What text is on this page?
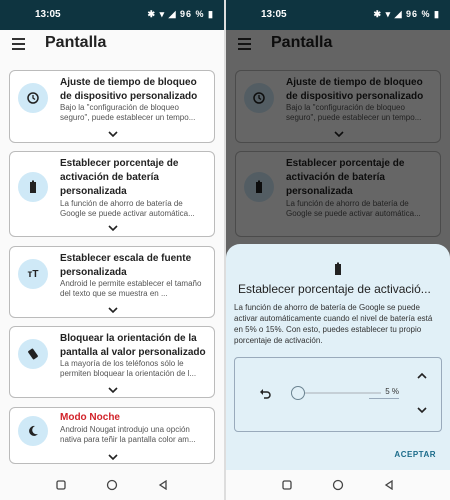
13:05	✱ ▾ ◢ 96 % ▮
Pantalla
Ajuste de tiempo de bloqueo de dispositivo personalizado
Bajo la "configuración de bloqueo seguro", puede establecer un tempo...
Establecer porcentaje de activación de batería personalizada
La función de ahorro de batería de Google se puede activar automática...
тT
Establecer escala de fuente personalizada
Android le permite establecer el tamaño del texto que se muestra en ...
Bloquear la orientación de la pantalla al valor personalizado
La mayoría de los teléfonos sólo le permiten bloquear la orientación de l...
Modo Noche
Android Nougat introdujo una opción nativa para teñir la pantalla color am...
13:05	✱ ▾ ◢ 96 % ▮
Establecer porcentaje de activació...
La función de ahorro de batería de Google se puede activar automáticamente cuando el nivel de batería está en 5% o 15%. Con esto, puedes establecer tu propio porcentaje de activación.
5 %
ACEPTAR
